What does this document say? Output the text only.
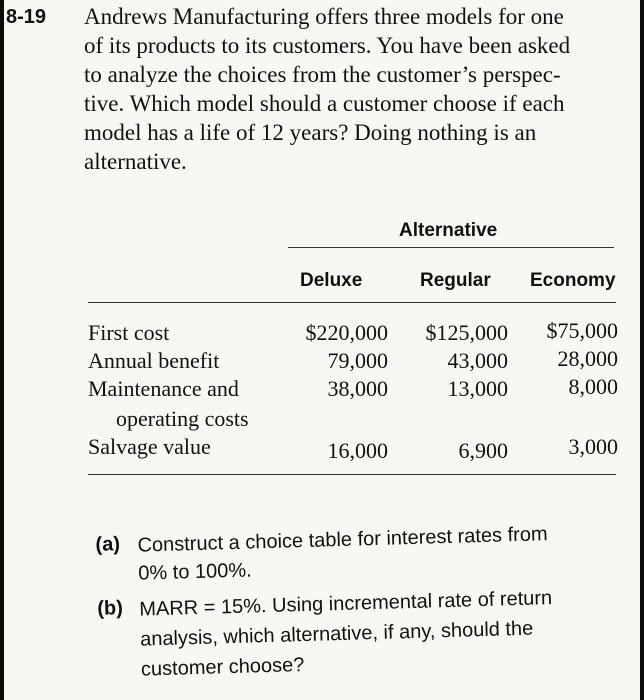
8-19 Andrews Manufacturing offers three models for one
of its products to its customers. You have been asked
to analyze the choices from the customer’s perspec-
tive. Which model should a customer choose if each
model has a life of 12 years? Doing nothing is an
alternative.
Alternative
Deluxe	Regular Economy
First cost	$220,000	$125,000	$75,000
Annual benefit	79,000	43,000	28,000
Maintenance and
operating costs
38,000	13,000	8,000
Salvage value	16,000	6,900	3,000
(a) Construct a choice table for interest rates from
0% to 100%.
(b) MARR = 15%. Using incremental rate of return
analysis, which alternative, if any, should the
customer choose?
